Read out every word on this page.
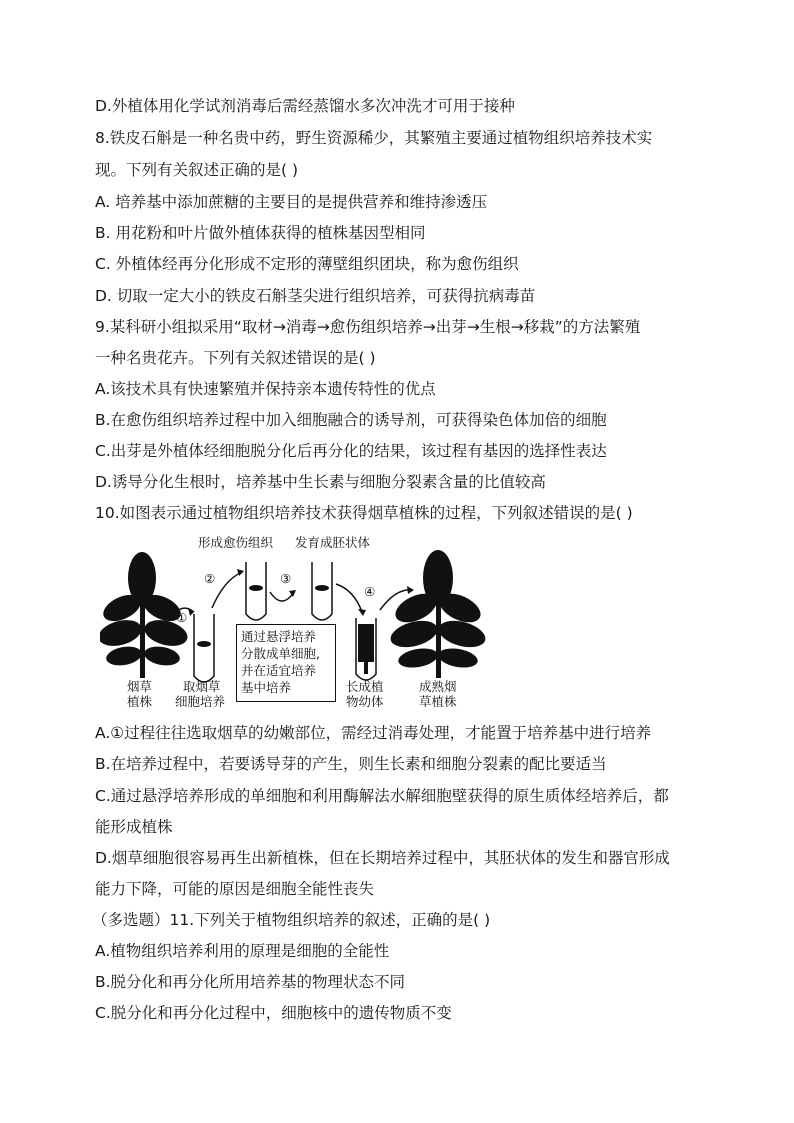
D.外植体用化学试剂消毒后需经蒸馏水多次冲洗才可用于接种
8.铁皮石斛是一种名贵中药，野生资源稀少，其繁殖主要通过植物组织培养技术实
现。下列有关叙述正确的是( )
A. 培养基中添加蔗糖的主要目的是提供营养和维持渗透压
B. 用花粉和叶片做外植体获得的植株基因型相同
C. 外植体经再分化形成不定形的薄壁组织团块，称为愈伤组织
D. 切取一定大小的铁皮石斛茎尖进行组织培养，可获得抗病毒苗
9.某科研小组拟采用“取材→消毒→愈伤组织培养→出芽→生根→移栽”的方法繁殖
一种名贵花卉。下列有关叙述错误的是( )
A.该技术具有快速繁殖并保持亲本遗传特性的优点
B.在愈伤组织培养过程中加入细胞融合的诱导剂，可获得染色体加倍的细胞
C.出芽是外植体经细胞脱分化后再分化的结果，该过程有基因的选择性表达
D.诱导分化生根时，培养基中生长素与细胞分裂素含量的比值较高
10.如图表示通过植物组织培养技术获得烟草植株的过程，下列叙述错误的是( )
形成愈伤组织 发育成胚状体
①
②	③
④
烟草
植株
取烟草
细胞培养
通过悬浮培养
分散成单细胞,
并在适宜培养
基中培养	长成植
物幼体
成熟烟
草植株
A.①过程往往选取烟草的幼嫩部位，需经过消毒处理，才能置于培养基中进行培养
B.在培养过程中，若要诱导芽的产生，则生长素和细胞分裂素的配比要适当
C.通过悬浮培养形成的单细胞和利用酶解法水解细胞壁获得的原生质体经培养后，都
能形成植株
D.烟草细胞很容易再生出新植株，但在长期培养过程中，其胚状体的发生和器官形成
能力下降，可能的原因是细胞全能性丧失
（多选题）11.下列关于植物组织培养的叙述，正确的是( )
A.植物组织培养利用的原理是细胞的全能性
B.脱分化和再分化所用培养基的物理状态不同
C.脱分化和再分化过程中，细胞核中的遗传物质不变
